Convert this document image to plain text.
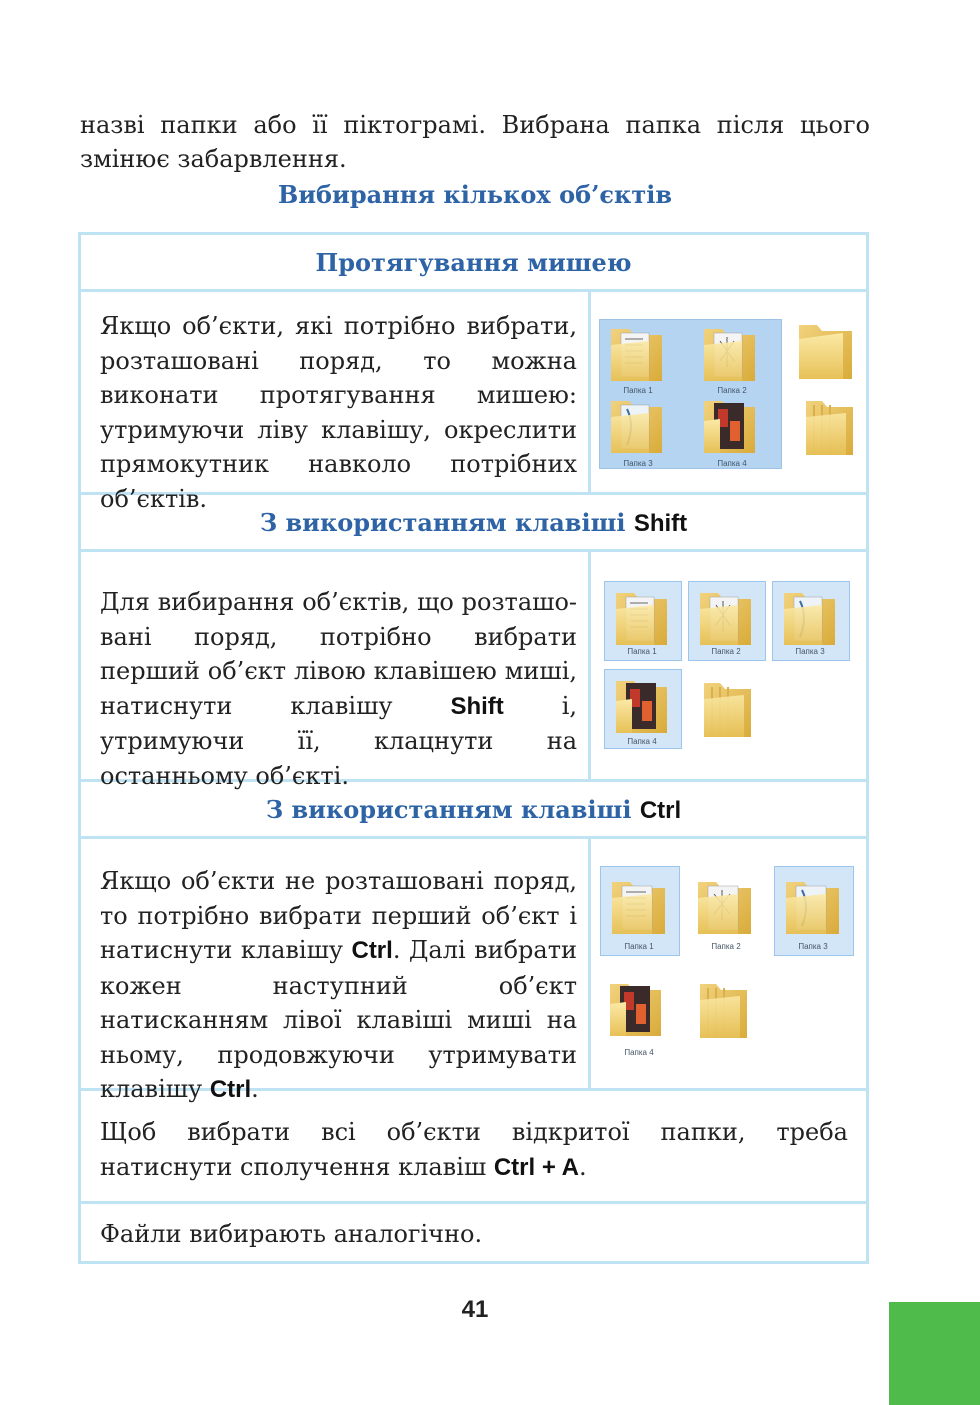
назві папки або її піктограмі. Вибрана папка після цього змінює забарвлення.
Вибирання кількох об’єктів
Протягування мишею
Якщо об’єкти, які потрібно вибрати, розташовані поряд, то можна виконати протягування мишею: утримуючи ліву клавішу, окреслити прямокутник навколо потрібних об’єктів.
Папка 1	Папка 2
Папка 3	Папка 4
З використанням клавіші Shift
Для вибирання об’єктів, що розташовані поряд, потрібно вибрати перший об’єкт лівою клавішею миші, натиснути клавішу Shift і, утримуючи її, клацнути на останньому об’єкті.
Папка 1	Папка 2	Папка 3
Папка 4
З використанням клавіші Ctrl
Якщо об’єкти не розташовані поряд, то потрібно вибрати перший об’єкт і натиснути клавішу Ctrl. Далі вибрати кожен наступний об’єкт натисканням лівої клавіші миші на ньому, продовжуючи утримувати клавішу Ctrl.
Папка 1	Папка 2	Папка 3
Папка 4
Щоб вибрати всі об’єкти відкритої папки, треба натиснути сполучення клавіш Ctrl + A.
Файли вибирають аналогічно.
41
